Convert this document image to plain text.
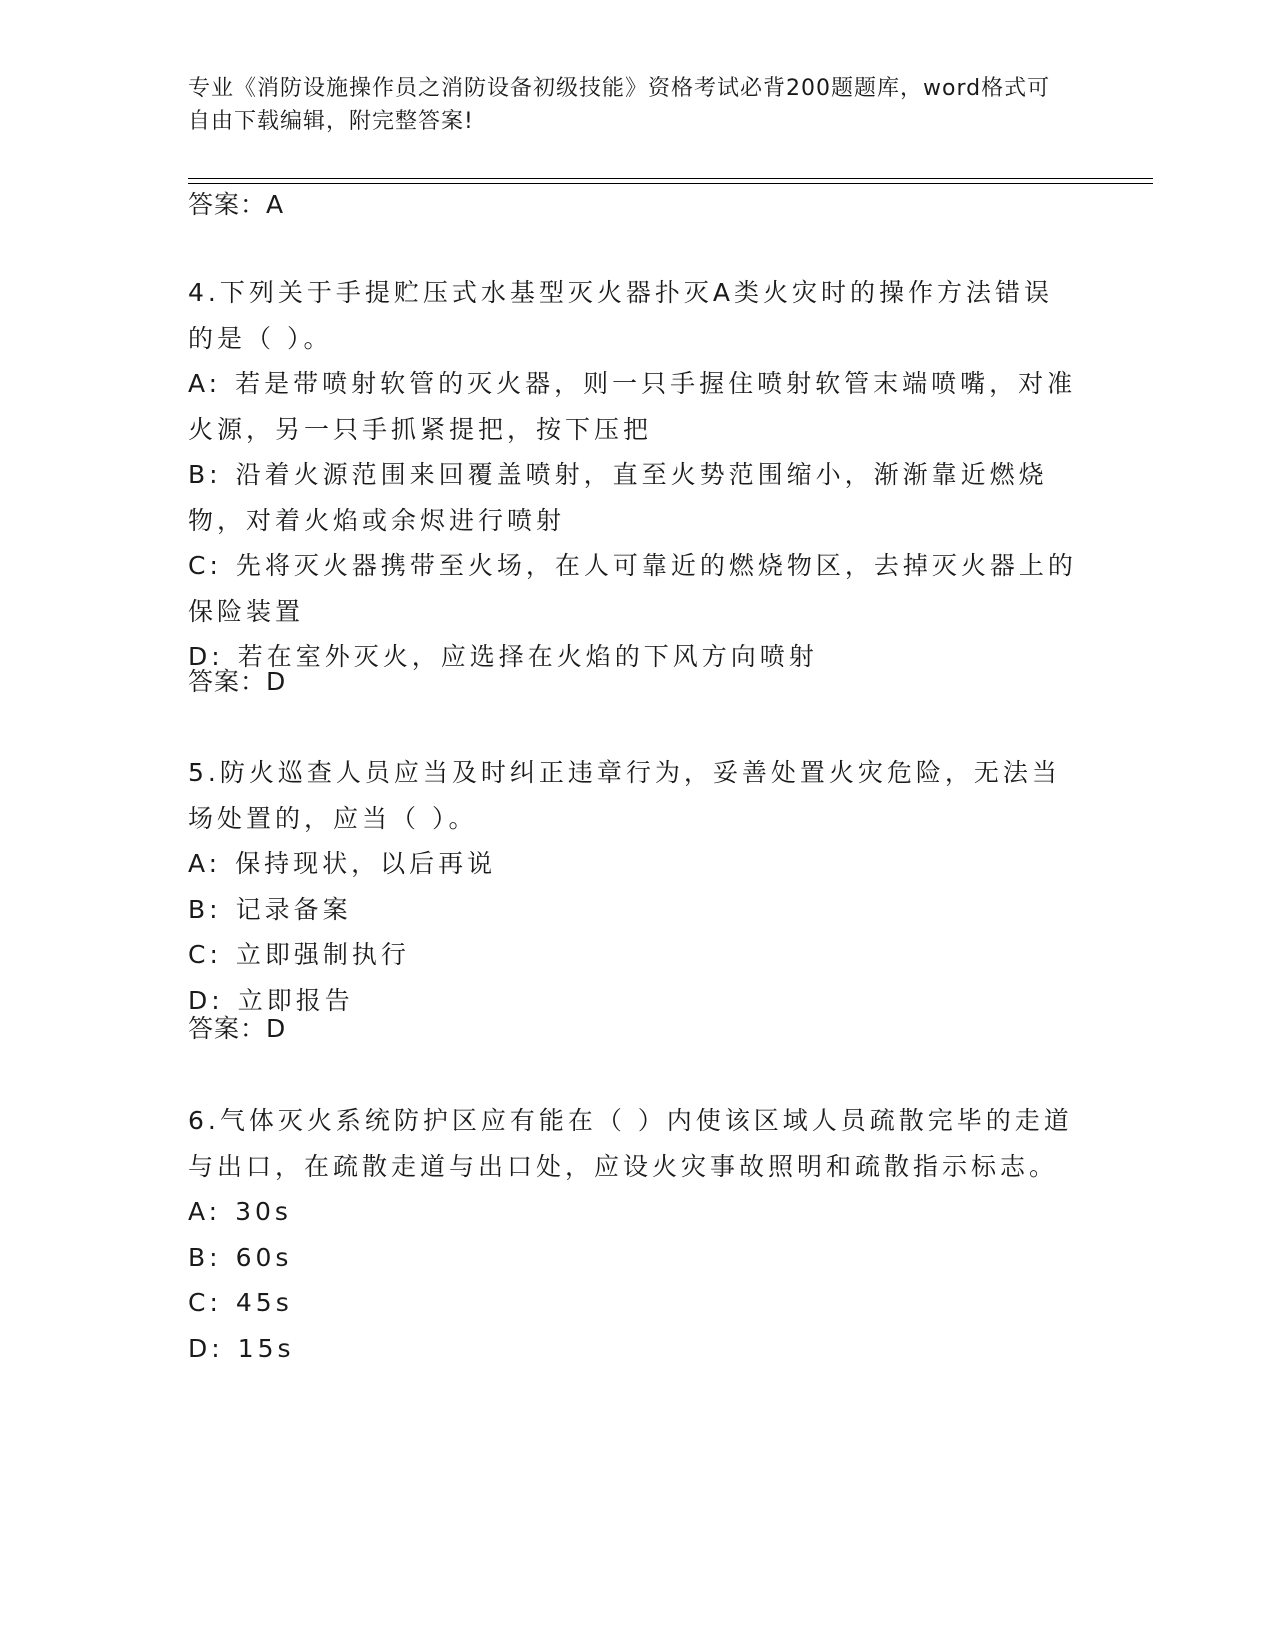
专业《消防设施操作员之消防设备初级技能》资格考试必背200题题库，word格式可自由下载编辑，附完整答案!
答案：A

4.下列关于手提贮压式水基型灭火器扑灭A类火灾时的操作方法错误的是（ ）。

A: 若是带喷射软管的灭火器，则一只手握住喷射软管末端喷嘴，对准火源，另一只手抓紧提把，按下压把

B: 沿着火源范围来回覆盖喷射，直至火势范围缩小，渐渐靠近燃烧物，对着火焰或余烬进行喷射

C: 先将灭火器携带至火场，在人可靠近的燃烧物区，去掉灭火器上的保险装置

D: 若在室外灭火，应选择在火焰的下风方向喷射

答案：D

5.防火巡查人员应当及时纠正违章行为，妥善处置火灾危险，无法当场处置的，应当（ ）。

A: 保持现状，以后再说

B: 记录备案

C: 立即强制执行

D: 立即报告

答案：D

6.气体灭火系统防护区应有能在（ ）内使该区域人员疏散完毕的走道与出口，在疏散走道与出口处，应设火灾事故照明和疏散指示标志。

A: 30s

B: 60s

C: 45s

D: 15s
